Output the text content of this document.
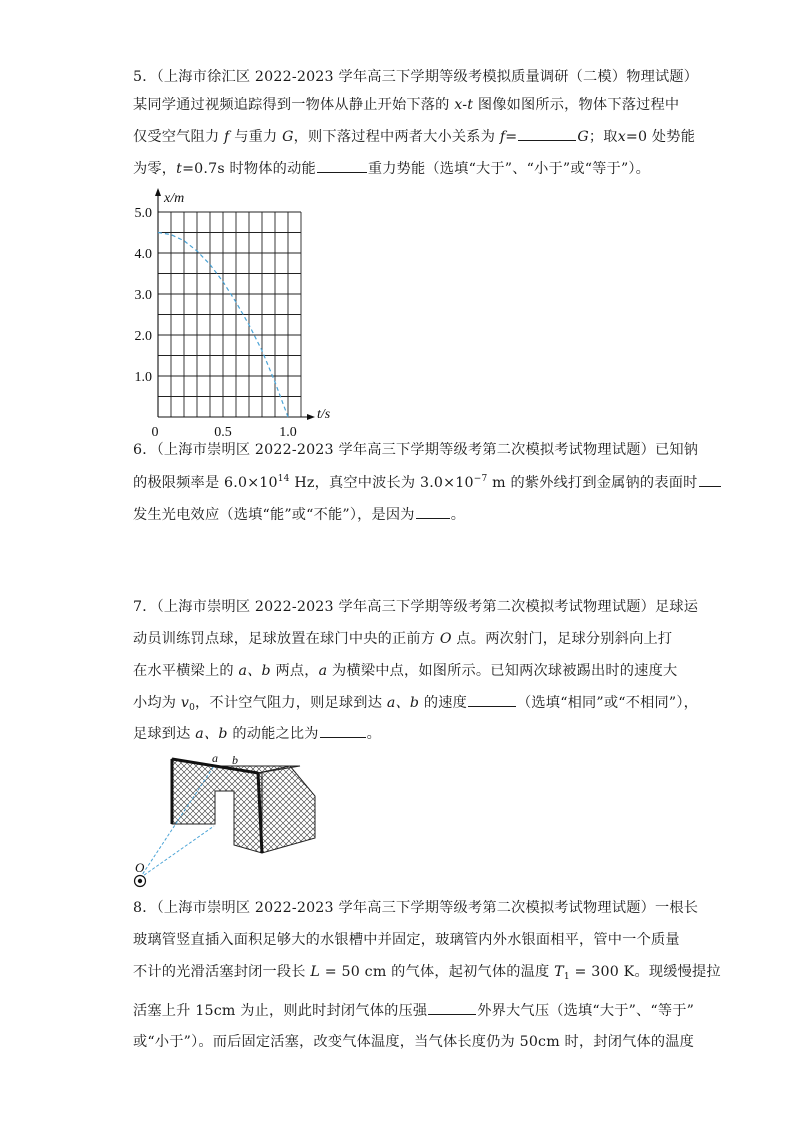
5．（上海市徐汇区 2022-2023 学年高三下学期等级考模拟质量调研（二模）物理试题）
某同学通过视频追踪得到一物体从静止开始下落的 x-t 图像如图所示，物体下落过程中
仅受空气阻力 f 与重力 G，则下落过程中两者大小关系为 f=	G；取x=0 处势能
为零，t=0.7s 时物体的动能	重力势能（选填“大于”、“小于”或“等于”）。
1.0
2.0
3.0
4.0
5.0
0	0.5	1.0
x/m
t/s
6．（上海市崇明区 2022-2023 学年高三下学期等级考第二次模拟考试物理试题）已知钠
的极限频率是 $6.0\times 10^{14}$ Hz，真空中波长为 $3.0\times 10^{-7}$ m 的紫外线打到金属钠的表面时
发生光电效应（选填“能”或“不能”），是因为	。
7．（上海市崇明区 2022-2023 学年高三下学期等级考第二次模拟考试物理试题）足球运
动员训练罚点球，足球放置在球门中央的正前方 O 点。两次射门，足球分别斜向上打
在水平横梁上的 a、b 两点，a 为横梁中点，如图所示。已知两次球被踢出时的速度大
小均为 $v_0$，不计空气阻力，则足球到达 a、b 的速度	（选填“相同”或“不相同”），
足球到达 a、b 的动能之比为	。
a b
O
8．（上海市崇明区 2022-2023 学年高三下学期等级考第二次模拟考试物理试题）一根长
玻璃管竖直插入面积足够大的水银槽中并固定，玻璃管内外水银面相平，管中一个质量
不计的光滑活塞封闭一段长 L = 50 cm 的气体，起初气体的温度 $T_1 = 300$ K。现缓慢提拉
活塞上升 15cm 为止，则此时封闭气体的压强	外界大气压（选填“大于”、“等于”
或“小于”）。而后固定活塞，改变气体温度，当气体长度仍为 50cm 时，封闭气体的温度
